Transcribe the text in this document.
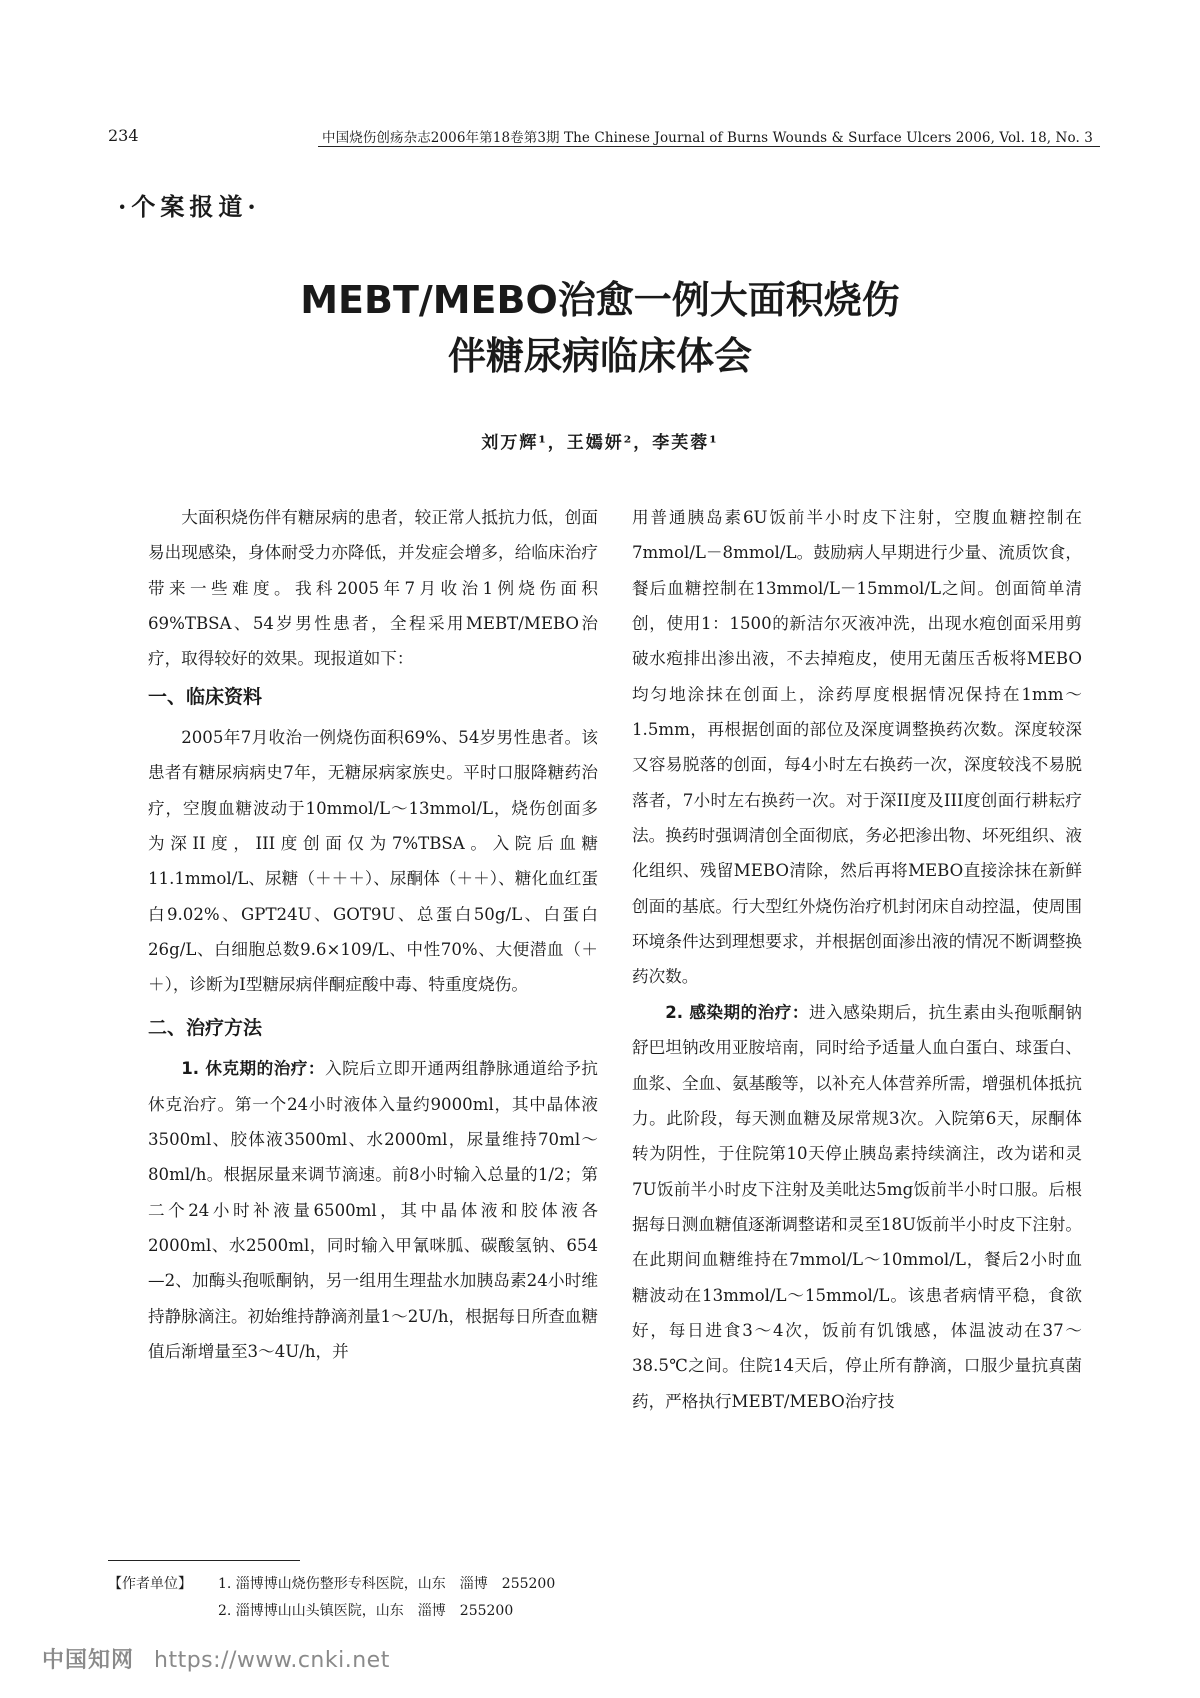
234	中国烧伤创疡杂志2006年第18卷第3期 The Chinese Journal of Burns Wounds & Surface Ulcers 2006, Vol. 18, No. 3
·个案报道·
MEBT/MEBO治愈一例大面积烧伤
伴糖尿病临床体会
刘万辉¹，王嫣妍²，李芙蓉¹

大面积烧伤伴有糖尿病的患者，较正常人抵抗力低，创面易出现感染，身体耐受力亦降低，并发症会增多，给临床治疗带来一些难度。我科2005年7月收治1例烧伤面积69%TBSA、54岁男性患者，全程采用MEBT/MEBO治疗，取得较好的效果。现报道如下：

一、临床资料

2005年7月收治一例烧伤面积69%、54岁男性患者。该患者有糖尿病病史7年，无糖尿病家族史。平时口服降糖药治疗，空腹血糖波动于10mmol/L～13mmol/L，烧伤创面多为深II度，III度创面仅为7%TBSA。入院后血糖11.1mmol/L、尿糖（＋＋＋）、尿酮体（＋＋）、糖化血红蛋白9.02%、GPT24U、GOT9U、总蛋白50g/L、白蛋白26g/L、白细胞总数9.6×109/L、中性70%、大便潜血（＋＋），诊断为I型糖尿病伴酮症酸中毒、特重度烧伤。

二、治疗方法

1. 休克期的治疗：入院后立即开通两组静脉通道给予抗休克治疗。第一个24小时液体入量约9000ml，其中晶体液3500ml、胶体液3500ml、水2000ml，尿量维持70ml～80ml/h。根据尿量来调节滴速。前8小时输入总量的1/2；第二个24小时补液量6500ml，其中晶体液和胶体液各2000ml、水2500ml，同时输入甲氰咪胍、碳酸氢钠、654—2、加酶头孢哌酮钠，另一组用生理盐水加胰岛素24小时维持静脉滴注。初始维持静滴剂量1～2U/h，根据每日所查血糖值后渐增量至3～4U/h，并

用普通胰岛素6U饭前半小时皮下注射，空腹血糖控制在7mmol/L－8mmol/L。鼓励病人早期进行少量、流质饮食，餐后血糖控制在13mmol/L－15mmol/L之间。创面简单清创，使用1：1500的新洁尔灭液冲洗，出现水疱创面采用剪破水疱排出渗出液，不去掉疱皮，使用无菌压舌板将MEBO均匀地涂抹在创面上，涂药厚度根据情况保持在1mm～1.5mm，再根据创面的部位及深度调整换药次数。深度较深又容易脱落的创面，每4小时左右换药一次，深度较浅不易脱落者，7小时左右换药一次。对于深II度及III度创面行耕耘疗法。换药时强调清创全面彻底，务必把渗出物、坏死组织、液化组织、残留MEBO清除，然后再将MEBO直接涂抹在新鲜创面的基底。行大型红外烧伤治疗机封闭床自动控温，使周围环境条件达到理想要求，并根据创面渗出液的情况不断调整换药次数。

2. 感染期的治疗：进入感染期后，抗生素由头孢哌酮钠舒巴坦钠改用亚胺培南，同时给予适量人血白蛋白、球蛋白、血浆、全血、氨基酸等，以补充人体营养所需，增强机体抵抗力。此阶段，每天测血糖及尿常规3次。入院第6天，尿酮体转为阴性，于住院第10天停止胰岛素持续滴注，改为诺和灵7U饭前半小时皮下注射及美吡达5mg饭前半小时口服。后根据每日测血糖值逐渐调整诺和灵至18U饭前半小时皮下注射。在此期间血糖维持在7mmol/L～10mmol/L，餐后2小时血糖波动在13mmol/L～15mmol/L。该患者病情平稳，食欲好，每日进食3～4次，饭前有饥饿感，体温波动在37～38.5℃之间。住院14天后，停止所有静滴，口服少量抗真菌药，严格执行MEBT/MEBO治疗技

【作者单位】 1. 淄博博山烧伤整形专科医院，山东　淄博　255200
2. 淄博博山山头镇医院，山东　淄博　255200
中国知网 https://www.cnki.net
